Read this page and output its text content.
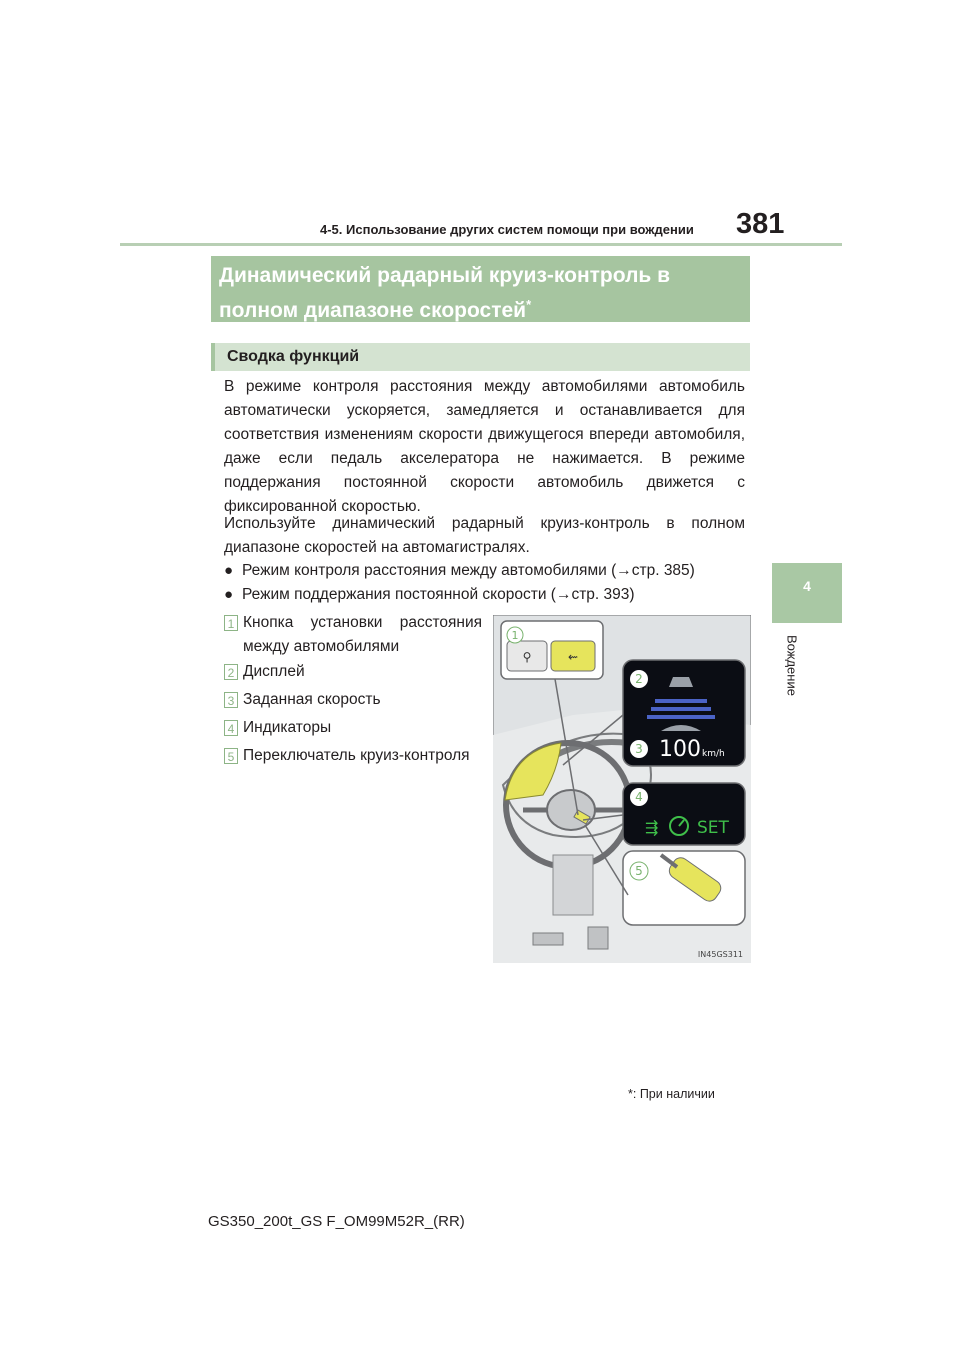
4-5. Использование других систем помощи при вождении 381
4
Вождение
Динамический радарный круиз-контроль в полном диапазоне скоростей*
Сводка функций
В режиме контроля расстояния между автомобилями автомобиль автоматически ускоряется, замедляется и останавливается для соответствия изменениям скорости движущегося впереди автомобиля, даже если педаль акселератора не нажимается. В режиме поддержания постоянной скорости автомобиль движется с фиксированной скоростью.
Используйте динамический радарный круиз-контроль в полном диапазоне скоростей на автомагистралях.
● Режим контроля расстояния между автомобилями (→стр. 385)
● Режим поддержания постоянной скорости (→стр. 393)
1 Кнопка установки расстояния между автомобилями
2 Дисплей
3 Заданная скорость
4 Индикаторы
5 Переключатель круиз-контроля
⚲	⇜
1
2
3 100 km/h
4
⇶ SET
5
IN45GS311
*: При наличии
GS350_200t_GS F_OM99M52R_(RR)
